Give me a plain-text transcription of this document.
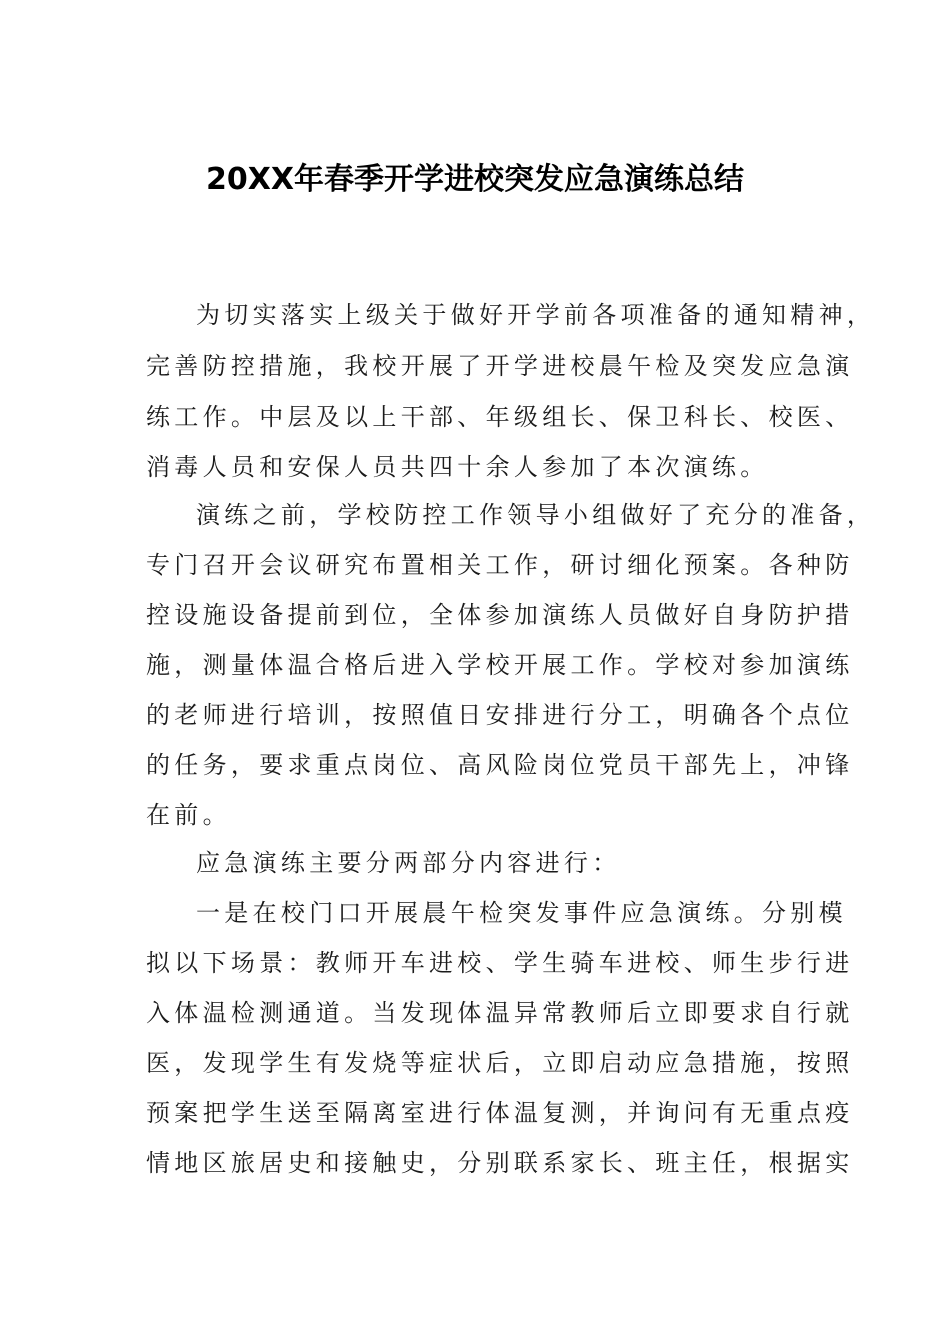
20XX年春季开学进校突发应急演练总结

为切实落实上级关于做好开学前各项准备的通知精神，

完善防控措施，我校开展了开学进校晨午检及突发应急演

练工作。中层及以上干部、年级组长、保卫科长、校医、

消毒人员和安保人员共四十余人参加了本次演练。

演练之前，学校防控工作领导小组做好了充分的准备，

专门召开会议研究布置相关工作，研讨细化预案。各种防

控设施设备提前到位，全体参加演练人员做好自身防护措

施，测量体温合格后进入学校开展工作。学校对参加演练

的老师进行培训，按照值日安排进行分工，明确各个点位

的任务，要求重点岗位、高风险岗位党员干部先上，冲锋

在前。

应急演练主要分两部分内容进行：

一是在校门口开展晨午检突发事件应急演练。分别模

拟以下场景：教师开车进校、学生骑车进校、师生步行进

入体温检测通道。当发现体温异常教师后立即要求自行就

医，发现学生有发烧等症状后，立即启动应急措施，按照

预案把学生送至隔离室进行体温复测，并询问有无重点疫

情地区旅居史和接触史，分别联系家长、班主任，根据实
